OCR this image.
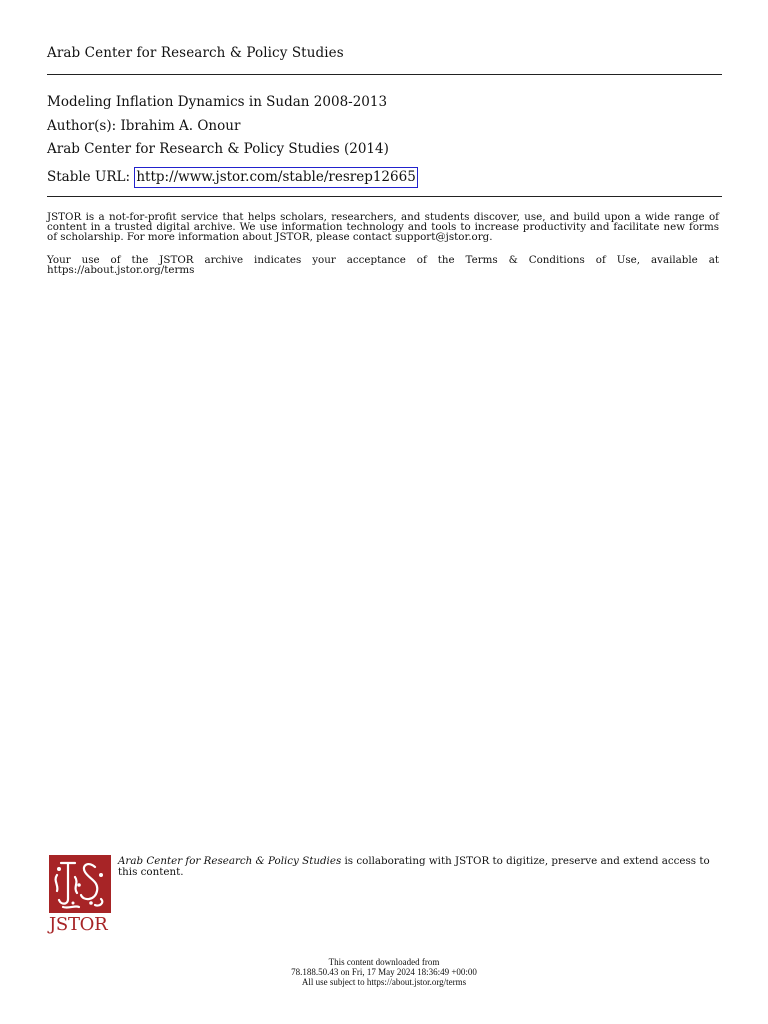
Arab Center for Research & Policy Studies
Modeling Inflation Dynamics in Sudan 2008-2013
Author(s): Ibrahim A. Onour
Arab Center for Research & Policy Studies (2014)
Stable URL: http://www.jstor.com/stable/resrep12665
JSTOR is a not-for-profit service that helps scholars, researchers, and students discover, use, and build upon a wide range of content in a trusted digital archive. We use information technology and tools to increase productivity and facilitate new forms of scholarship. For more information about JSTOR, please contact support@jstor.org.
Your use of the JSTOR archive indicates your acceptance of the Terms & Conditions of Use, available at https://about.jstor.org/terms
JSTOR
Arab Center for Research & Policy Studies is collaborating with JSTOR to digitize, preserve and extend access to this content.
This content downloaded from
78.188.50.43 on Fri, 17 May 2024 18:36:49 +00:00
All use subject to https://about.jstor.org/terms
